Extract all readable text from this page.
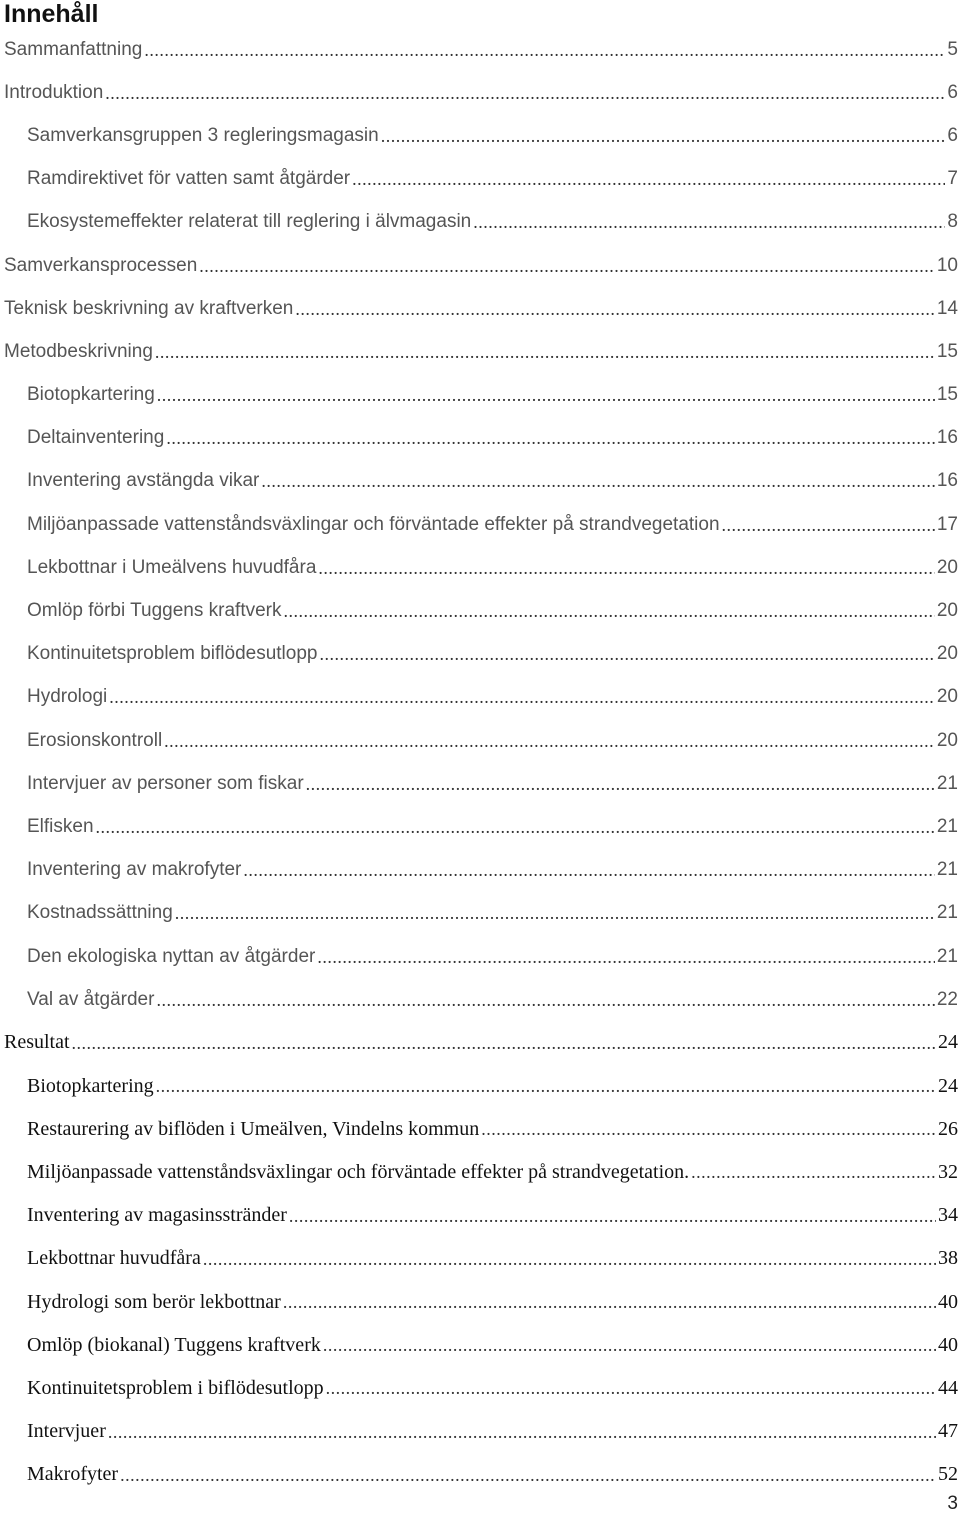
Innehåll
Sammanfattning .....	5
Introduktion .....	6
Samverkansgruppen 3 regleringsmagasin .....	6
Ramdirektivet för vatten samt åtgärder .....	7
Ekosystemeffekter relaterat till reglering i älvmagasin .....	8
Samverkansprocessen .....	10
Teknisk beskrivning av kraftverken .....	14
Metodbeskrivning .....	15
Biotopkartering .....	15
Deltainventering .....	16
Inventering avstängda vikar .....	16
Miljöanpassade vattenståndsväxlingar och förväntade effekter på strandvegetation .....	17
Lekbottnar i Umeälvens huvudfåra .....	20
Omlöp förbi Tuggens kraftverk .....	20
Kontinuitetsproblem biflödesutlopp .....	20
Hydrologi .....	20
Erosionskontroll .....	20
Intervjuer av personer som fiskar .....	21
Elfisken .....	21
Inventering av makrofyter .....	21
Kostnadssättning .....	21
Den ekologiska nyttan av åtgärder .....	21
Val av åtgärder .....	22
Resultat .....	24
Biotopkartering .....	24
Restaurering av biflöden i Umeälven, Vindelns kommun .....	26
Miljöanpassade vattenståndsväxlingar och förväntade effekter på strandvegetation. .....	32
Inventering av magasinsstränder .....	34
Lekbottnar huvudfåra .....	38
Hydrologi som berör lekbottnar .....	40
Omlöp (biokanal) Tuggens kraftverk .....	40
Kontinuitetsproblem i biflödesutlopp .....	44
Intervjuer .....	47
Makrofyter .....	52
3
